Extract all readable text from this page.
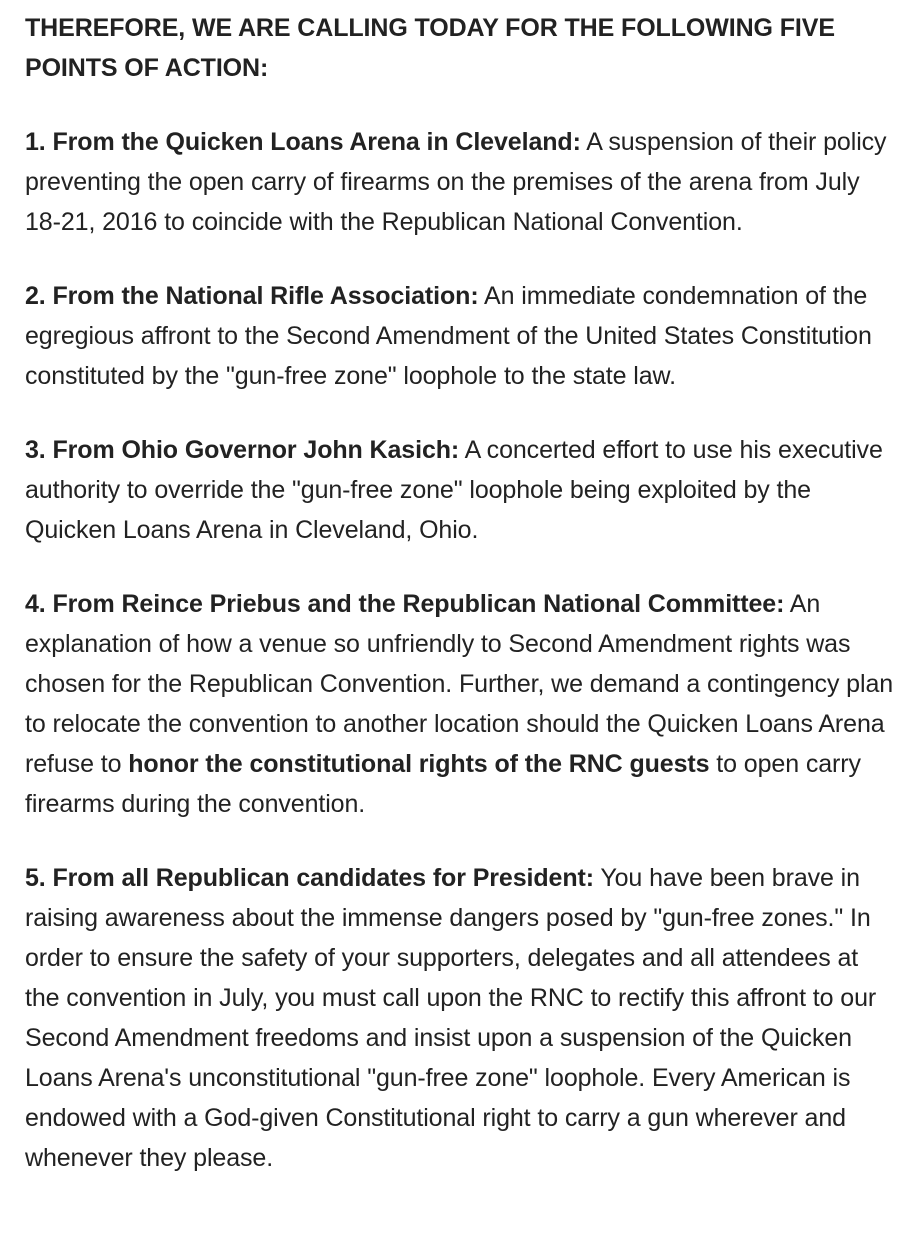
THEREFORE, WE ARE CALLING TODAY FOR THE FOLLOWING FIVE POINTS OF ACTION:

1. From the Quicken Loans Arena in Cleveland: A suspension of their policy preventing the open carry of firearms on the premises of the arena from July 18-21, 2016 to coincide with the Republican National Convention.

2. From the National Rifle Association: An immediate condemnation of the egregious affront to the Second Amendment of the United States Constitution constituted by the "gun-free zone" loophole to the state law.

3. From Ohio Governor John Kasich: A concerted effort to use his executive authority to override the "gun-free zone" loophole being exploited by the Quicken Loans Arena in Cleveland, Ohio.

4. From Reince Priebus and the Republican National Committee: An explanation of how a venue so unfriendly to Second Amendment rights was chosen for the Republican Convention. Further, we demand a contingency plan to relocate the convention to another location should the Quicken Loans Arena refuse to honor the constitutional rights of the RNC guests to open carry firearms during the convention.

5. From all Republican candidates for President: You have been brave in raising awareness about the immense dangers posed by "gun-free zones." In order to ensure the safety of your supporters, delegates and all attendees at the convention in July, you must call upon the RNC to rectify this affront to our Second Amendment freedoms and insist upon a suspension of the Quicken Loans Arena's unconstitutional "gun-free zone" loophole. Every American is endowed with a God-given Constitutional right to carry a gun wherever and whenever they please.
